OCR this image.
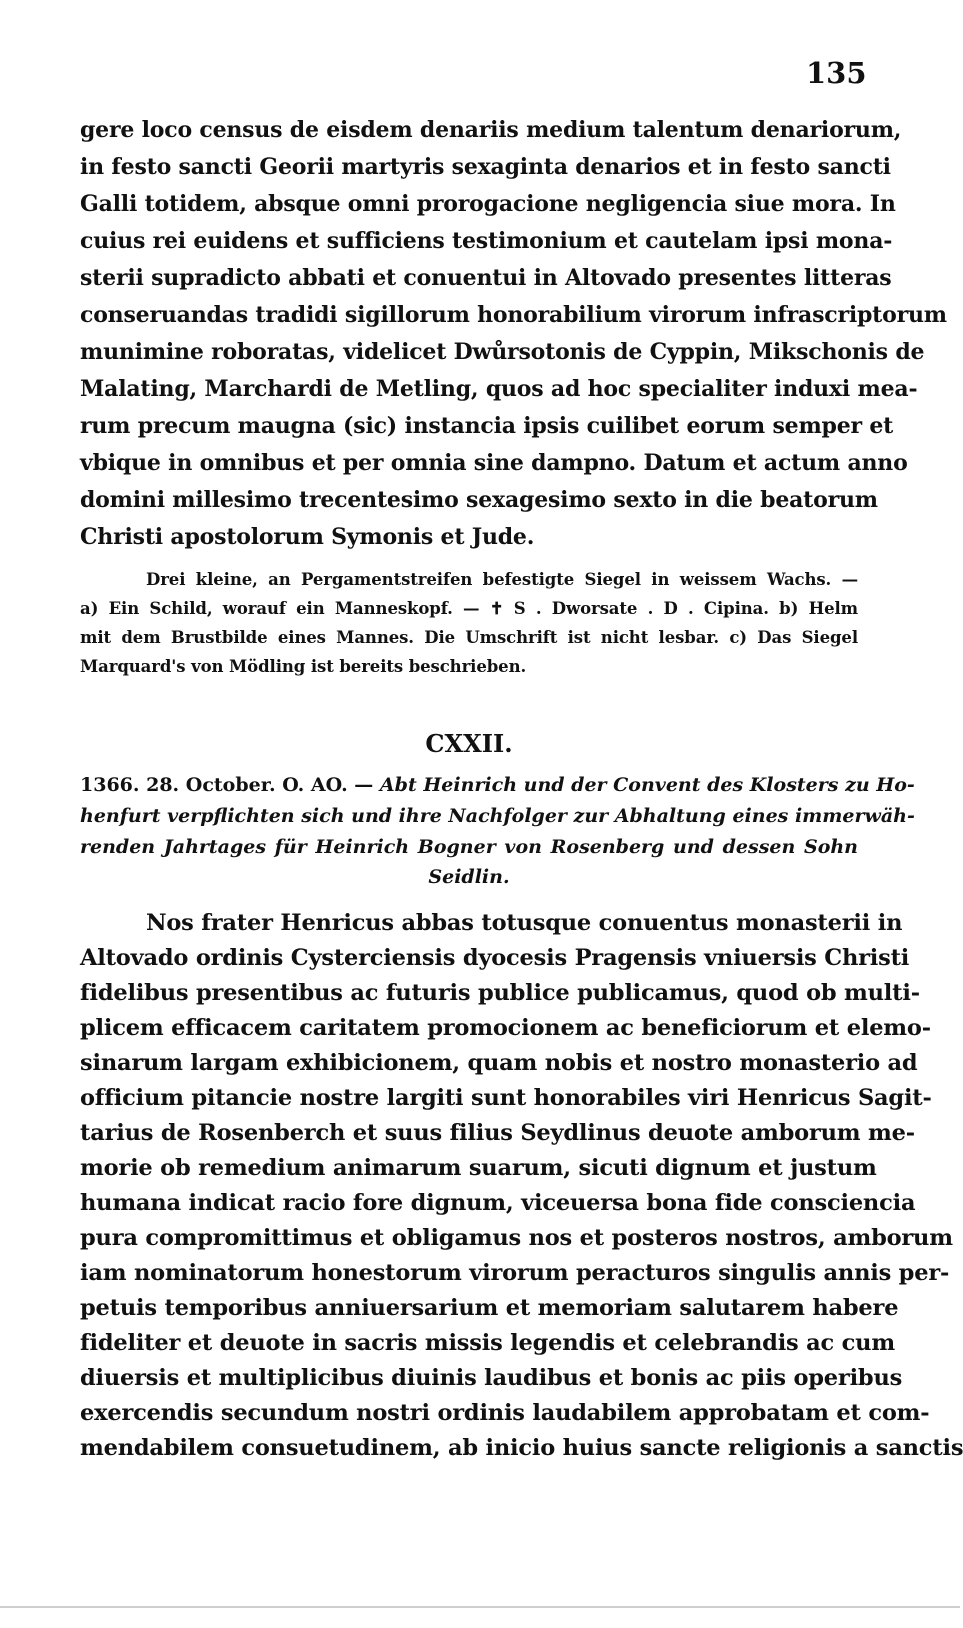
135
gere loco census de eisdem denariis medium talentum denariorum,
in festo sancti Georii martyris sexaginta denarios et in festo sancti
Galli totidem, absque omni prorogacione negligencia siue mora. In
cuius rei euidens et sufficiens testimonium et cautelam ipsi mona-
sterii supradicto abbati et conuentui in Altovado presentes litteras
conseruandas tradidi sigillorum honorabilium virorum infrascriptorum
munimine roboratas, videlicet Dwůrsotonis de Cyppin, Mikschonis de
Malating, Marchardi de Metling, quos ad hoc specialiter induxi mea-
rum precum maugna (sic) instancia ipsis cuilibet eorum semper et
vbique in omnibus et per omnia sine dampno. Datum et actum anno
domini millesimo trecentesimo sexagesimo sexto in die beatorum
Christi apostolorum Symonis et Jude.
Drei kleine, an Pergamentstreifen befestigte Siegel in weissem Wachs. —
a) Ein Schild, worauf ein Manneskopf. — ✝ S . Dworsate . D . Cipina. b) Helm
mit dem Brustbilde eines Mannes. Die Umschrift ist nicht lesbar. c) Das Siegel
Marquard's von Mödling ist bereits beschrieben.
CXXII.
1366. 28. October. O. AO. — Abt Heinrich und der Convent des Klosters zu Ho-
henfurt verpflichten sich und ihre Nachfolger zur Abhaltung eines immerwäh-
renden Jahrtages für Heinrich Bogner von Rosenberg und dessen Sohn
Seidlin.
Nos frater Henricus abbas totusque conuentus monasterii in
Altovado ordinis Cysterciensis dyocesis Pragensis vniuersis Christi
fidelibus presentibus ac futuris publice publicamus, quod ob multi-
plicem efficacem caritatem promocionem ac beneficiorum et elemo-
sinarum largam exhibicionem, quam nobis et nostro monasterio ad
officium pitancie nostre largiti sunt honorabiles viri Henricus Sagit-
tarius de Rosenberch et suus filius Seydlinus deuote amborum me-
morie ob remedium animarum suarum, sicuti dignum et justum
humana indicat racio fore dignum, viceuersa bona fide consciencia
pura compromittimus et obligamus nos et posteros nostros, amborum
iam nominatorum honestorum virorum peracturos singulis annis per-
petuis temporibus anniuersarium et memoriam salutarem habere
fideliter et deuote in sacris missis legendis et celebrandis ac cum
diuersis et multiplicibus diuinis laudibus et bonis ac piis operibus
exercendis secundum nostri ordinis laudabilem approbatam et com-
mendabilem consuetudinem, ab inicio huius sancte religionis a sanctis
